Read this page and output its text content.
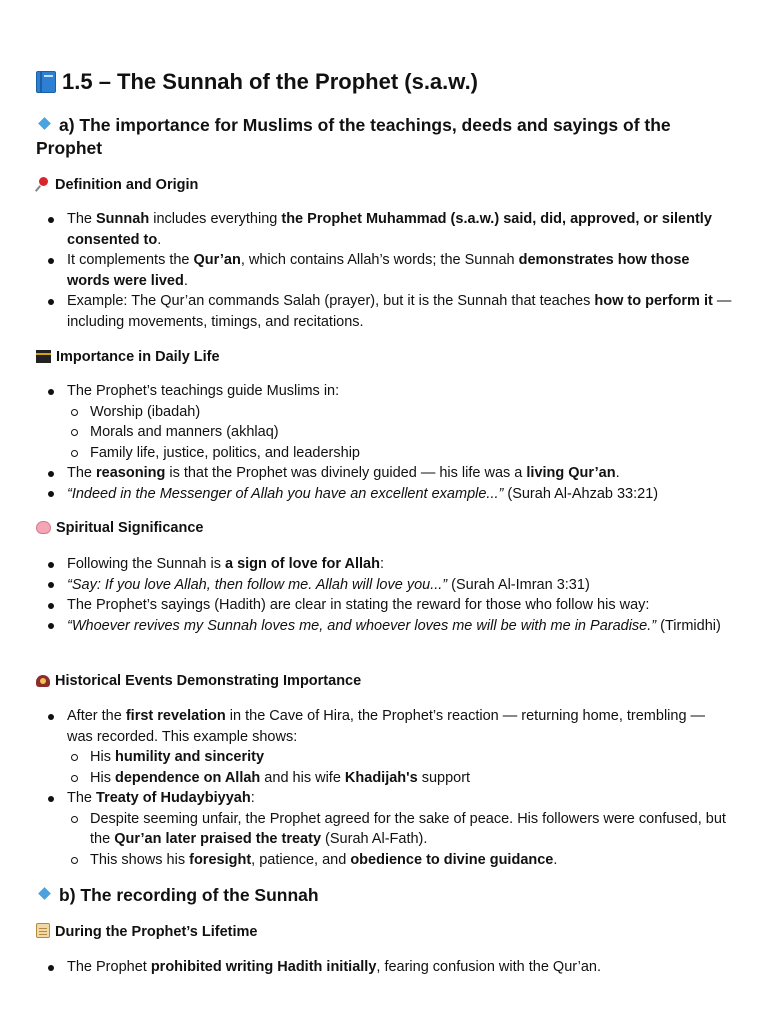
1.5 – The Sunnah of the Prophet (s.a.w.)
a) The importance for Muslims of the teachings, deeds and sayings of the Prophet
Definition and Origin
The Sunnah includes everything the Prophet Muhammad (s.a.w.) said, did, approved, or silently consented to.
It complements the Qur’an, which contains Allah’s words; the Sunnah demonstrates how those words were lived.
Example: The Qur’an commands Salah (prayer), but it is the Sunnah that teaches how to perform it — including movements, timings, and recitations.
Importance in Daily Life
The Prophet’s teachings guide Muslims in:
Worship (ibadah)
Morals and manners (akhlaq)
Family life, justice, politics, and leadership
The reasoning is that the Prophet was divinely guided — his life was a living Qur’an.
“Indeed in the Messenger of Allah you have an excellent example...” (Surah Al-Ahzab 33:21)
Spiritual Significance
Following the Sunnah is a sign of love for Allah:
“Say: If you love Allah, then follow me. Allah will love you...” (Surah Al-Imran 3:31)
The Prophet’s sayings (Hadith) are clear in stating the reward for those who follow his way:
“Whoever revives my Sunnah loves me, and whoever loves me will be with me in Paradise.” (Tirmidhi)
Historical Events Demonstrating Importance
After the first revelation in the Cave of Hira, the Prophet’s reaction — returning home, trembling — was recorded. This example shows:
His humility and sincerity
His dependence on Allah and his wife Khadijah's support
The Treaty of Hudaybiyyah:
Despite seeming unfair, the Prophet agreed for the sake of peace. His followers were confused, but the Qur’an later praised the treaty (Surah Al-Fath).
This shows his foresight, patience, and obedience to divine guidance.
b) The recording of the Sunnah
During the Prophet’s Lifetime
The Prophet prohibited writing Hadith initially, fearing confusion with the Qur’an.
